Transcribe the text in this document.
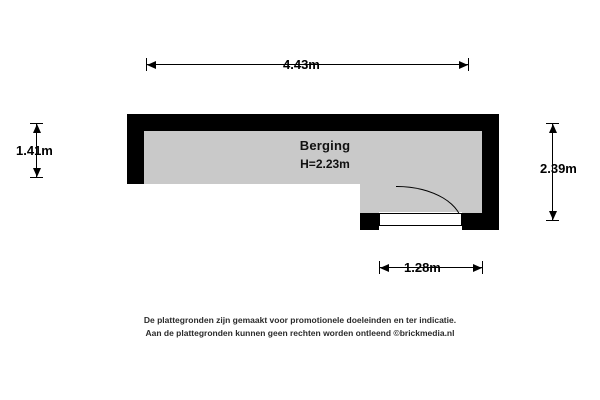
Berging
H=2.23m
4.43m
1.41m
2.39m
1.28m
De plattegronden zijn gemaakt voor promotionele doeleinden en ter indicatie.
Aan de plattegronden kunnen geen rechten worden ontleend ©brickmedia.nl
